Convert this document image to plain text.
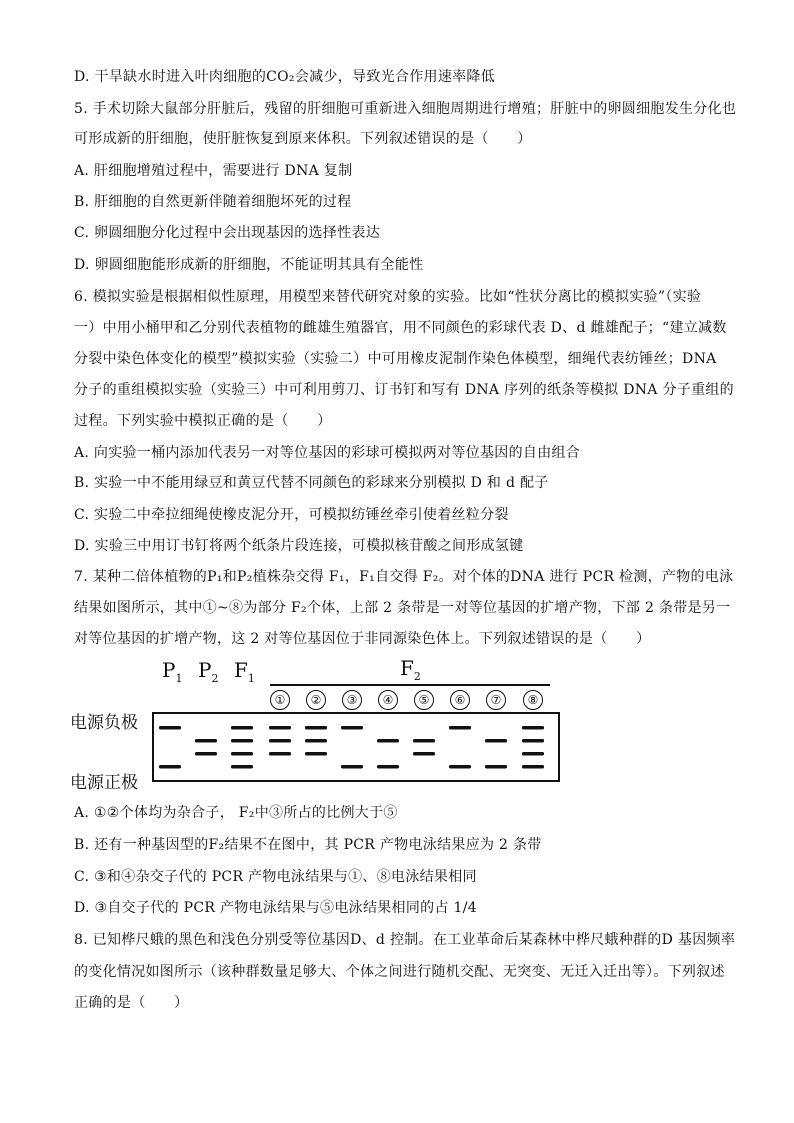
D. 干旱缺水时进入叶肉细胞的CO₂会减少，导致光合作用速率降低
5. 手术切除大鼠部分肝脏后，残留的肝细胞可重新进入细胞周期进行增殖；肝脏中的卵圆细胞发生分化也
可形成新的肝细胞，使肝脏恢复到原来体积。下列叙述错误的是（　　）
A. 肝细胞增殖过程中，需要进行 DNA 复制
B. 肝细胞的自然更新伴随着细胞坏死的过程
C. 卵圆细胞分化过程中会出现基因的选择性表达
D. 卵圆细胞能形成新的肝细胞，不能证明其具有全能性
6. 模拟实验是根据相似性原理，用模型来替代研究对象的实验。比如“性状分离比的模拟实验”（实验
一）中用小桶甲和乙分别代表植物的雌雄生殖器官，用不同颜色的彩球代表 D、d 雌雄配子；“建立减数
分裂中染色体变化的模型”模拟实验（实验二）中可用橡皮泥制作染色体模型，细绳代表纺锤丝；DNA
分子的重组模拟实验（实验三）中可利用剪刀、订书钉和写有 DNA 序列的纸条等模拟 DNA 分子重组的
过程。下列实验中模拟正确的是（　　）
A. 向实验一桶内添加代表另一对等位基因的彩球可模拟两对等位基因的自由组合
B. 实验一中不能用绿豆和黄豆代替不同颜色的彩球来分别模拟 D 和 d 配子
C. 实验二中牵拉细绳使橡皮泥分开，可模拟纺锤丝牵引使着丝粒分裂
D. 实验三中用订书钉将两个纸条片段连接，可模拟核苷酸之间形成氢键
7. 某种二倍体植物的P₁和P₂植株杂交得 F₁，F₁自交得 F₂。对个体的DNA 进行 PCR 检测，产物的电泳
结果如图所示，其中①~⑧为部分 F₂个体，上部 2 条带是一对等位基因的扩增产物，下部 2 条带是另一
对等位基因的扩增产物，这 2 对等位基因位于非同源染色体上。下列叙述错误的是（　　）
$P_1$ $P_2$ $F_1$	$F_2$
①	②	③	④	⑤	⑥	⑦	⑧
电源负极
电源正极
A. ①②个体均为杂合子， F₂中③所占的比例大于⑤
B. 还有一种基因型的F₂结果不在图中，其 PCR 产物电泳结果应为 2 条带
C. ③和④杂交子代的 PCR 产物电泳结果与①、⑧电泳结果相同
D. ③自交子代的 PCR 产物电泳结果与⑤电泳结果相同的占 1/4
8. 已知桦尺蛾的黑色和浅色分别受等位基因D、d 控制。在工业革命后某森林中桦尺蛾种群的D 基因频率
的变化情况如图所示（该种群数量足够大、个体之间进行随机交配、无突变、无迁入迁出等）。下列叙述
正确的是（　　）
